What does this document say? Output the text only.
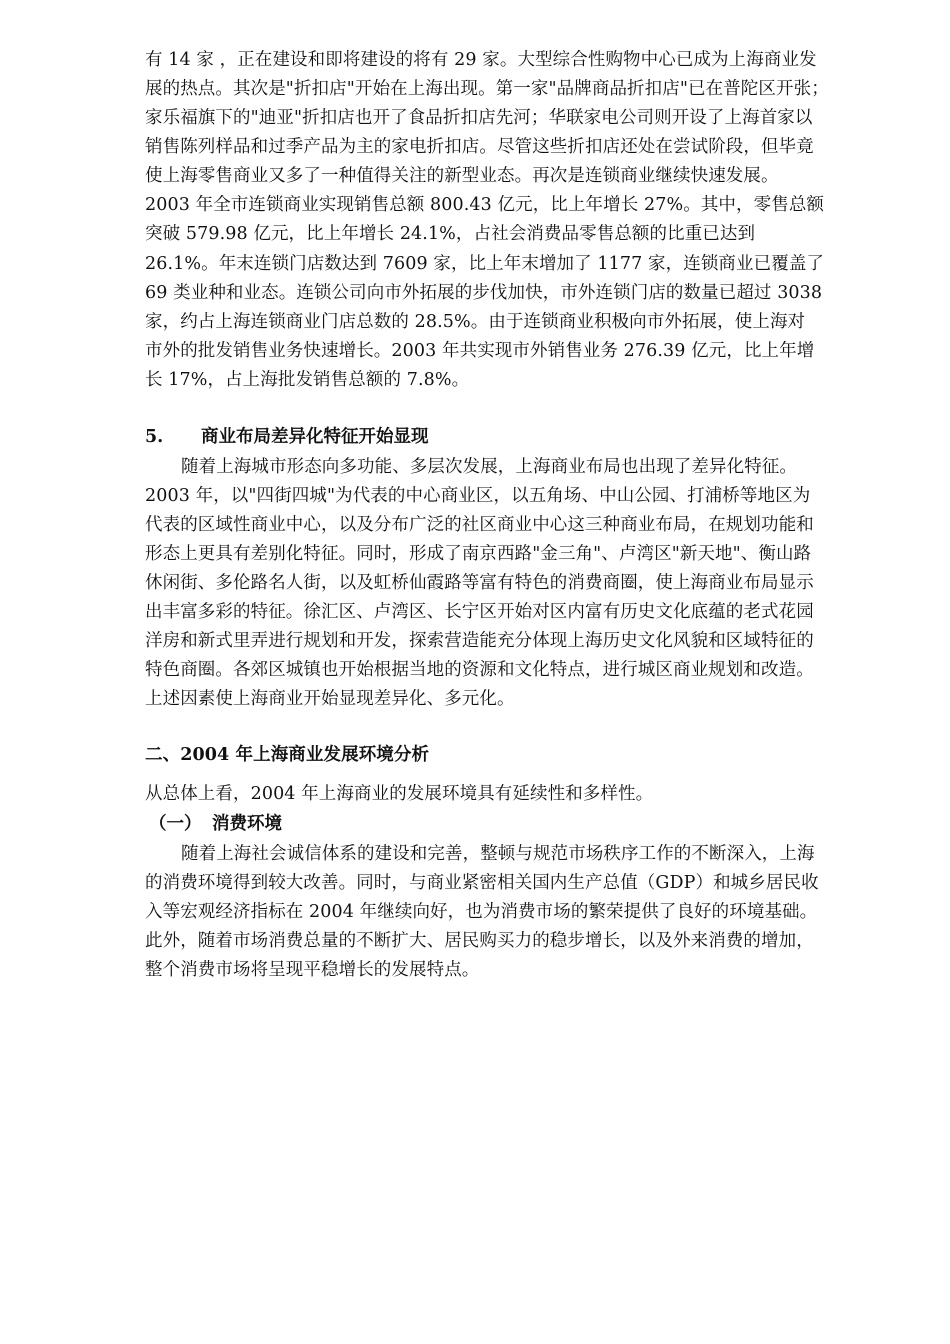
有 14 家 ，正在建设和即将建设的将有 29 家。大型综合性购物中心已成为上海商业发
展的热点。其次是"折扣店"开始在上海出现。第一家"品牌商品折扣店"已在普陀区开张；
家乐福旗下的"迪亚"折扣店也开了食品折扣店先河；华联家电公司则开设了上海首家以
销售陈列样品和过季产品为主的家电折扣店。尽管这些折扣店还处在尝试阶段，但毕竟
使上海零售商业又多了一种值得关注的新型业态。再次是连锁商业继续快速发展。
2003 年全市连锁商业实现销售总额 800.43 亿元，比上年增长 27%。其中，零售总额
突破 579.98 亿元，比上年增长 24.1%，占社会消费品零售总额的比重已达到
26.1%。年末连锁门店数达到 7609 家，比上年末增加了 1177 家，连锁商业已覆盖了
69 类业种和业态。连锁公司向市外拓展的步伐加快，市外连锁门店的数量已超过 3038
家，约占上海连锁商业门店总数的 28.5%。由于连锁商业积极向市外拓展，使上海对
市外的批发销售业务快速增长。2003 年共实现市外销售业务 276.39 亿元，比上年增
长 17%，占上海批发销售总额的 7.8%。
5. 商业布局差异化特征开始显现
随着上海城市形态向多功能、多层次发展，上海商业布局也出现了差异化特征。
2003 年，以"四街四城"为代表的中心商业区，以五角场、中山公园、打浦桥等地区为
代表的区域性商业中心，以及分布广泛的社区商业中心这三种商业布局，在规划功能和
形态上更具有差别化特征。同时，形成了南京西路"金三角"、卢湾区"新天地"、衡山路
休闲街、多伦路名人街，以及虹桥仙霞路等富有特色的消费商圈，使上海商业布局显示
出丰富多彩的特征。徐汇区、卢湾区、长宁区开始对区内富有历史文化底蕴的老式花园
洋房和新式里弄进行规划和开发，探索营造能充分体现上海历史文化风貌和区域特征的
特色商圈。各郊区城镇也开始根据当地的资源和文化特点，进行城区商业规划和改造。
上述因素使上海商业开始显现差异化、多元化。
二、2004 年上海商业发展环境分析
从总体上看，2004 年上海商业的发展环境具有延续性和多样性。
（一） 消费环境
随着上海社会诚信体系的建设和完善，整顿与规范市场秩序工作的不断深入，上海
的消费环境得到较大改善。同时，与商业紧密相关国内生产总值（GDP）和城乡居民收
入等宏观经济指标在 2004 年继续向好，也为消费市场的繁荣提供了良好的环境基础。
此外，随着市场消费总量的不断扩大、居民购买力的稳步增长，以及外来消费的增加，
整个消费市场将呈现平稳增长的发展特点。
